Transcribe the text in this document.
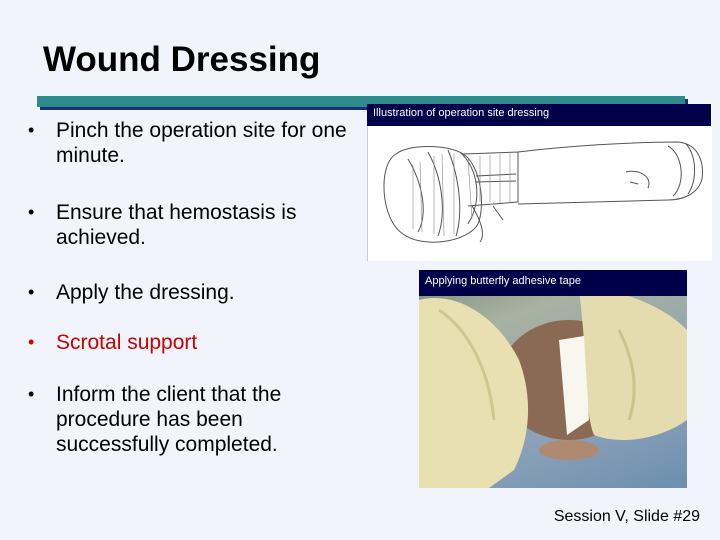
Wound Dressing
• Pinch the operation site for one minute.
• Ensure that hemostasis is achieved.
• Apply the dressing.
• Scrotal support
• Inform the client that the procedure has been successfully completed.
Illustration of operation site dressing
Applying butterfly adhesive tape
Session V, Slide #29
